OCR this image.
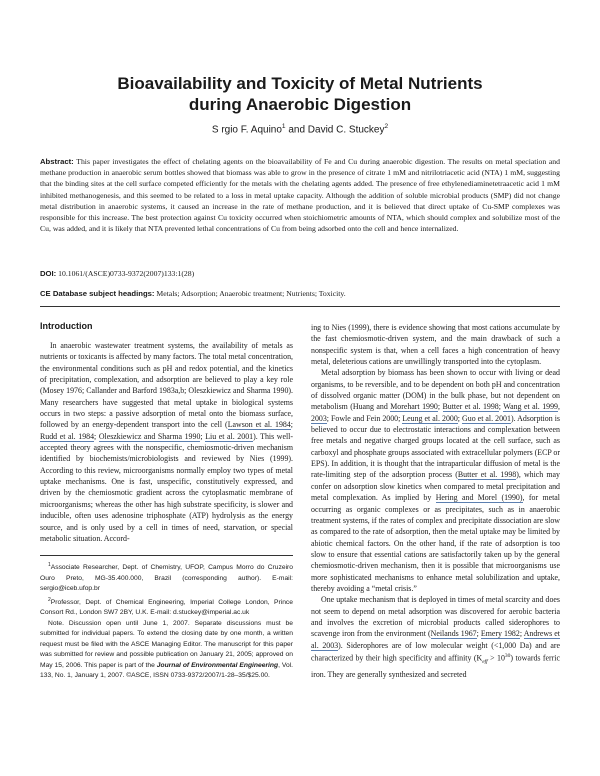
Bioavailability and Toxicity of Metal Nutrients
during Anaerobic Digestion
S rgio F. Aquino$^1$ and David C. Stuckey$^2$
Abstract: This paper investigates the effect of chelating agents on the bioavailability of Fe and Cu during anaerobic digestion. The results on metal speciation and methane production in anaerobic serum bottles showed that biomass was able to grow in the presence of citrate 1 mM and nitrilotriacetic acid (NTA) 1 mM, suggesting that the binding sites at the cell surface competed efficiently for the metals with the chelating agents added. The presence of free ethylenediaminetetraacetic acid 1 mM inhibited methanogenesis, and this seemed to be related to a loss in metal uptake capacity. Although the addition of soluble microbial products (SMP) did not change metal distribution in anaerobic systems, it caused an increase in the rate of methane production, and it is believed that direct uptake of Cu-SMP complexes was responsible for this increase. The best protection against Cu toxicity occurred when stoichiometric amounts of NTA, which should complex and solubilize most of the Cu, was added, and it is likely that NTA prevented lethal concentrations of Cu from being adsorbed onto the cell and hence internalized.
DOI: 10.1061/(ASCE)0733-9372(2007)133:1(28)
CE Database subject headings: Metals; Adsorption; Anaerobic treatment; Nutrients; Toxicity.
Introduction

In anaerobic wastewater treatment systems, the availability of metals as nutrients or toxicants is affected by many factors. The total metal concentration, the environmental conditions such as pH and redox potential, and the kinetics of precipitation, complexation, and adsorption are believed to play a key role (Mosey 1976; Callander and Barford 1983a,b; Oleszkiewicz and Sharma 1990). Many researchers have suggested that metal uptake in biological systems occurs in two steps: a passive adsorption of metal onto the biomass surface, followed by an energy-dependent transport into the cell (Lawson et al. 1984; Rudd et al. 1984; Oleszkiewicz and Sharma 1990; Liu et al. 2001). This well-accepted theory agrees with the nonspecific, chemiosmotic-driven mechanism identified by biochemists/microbiologists and reviewed by Nies (1999). According to this review, microorganisms normally employ two types of metal uptake mechanisms. One is fast, unspecific, constitutively expressed, and driven by the chemiosmotic gradient across the cytoplasmatic membrane of microorganisms; whereas the other has high substrate specificity, is slower and inducible, often uses adenosine triphosphate (ATP) hydrolysis as the energy source, and is only used by a cell in times of need, starvation, or special metabolic situation. Accord-

$^1$Associate Researcher, Dept. of Chemistry, UFOP, Campus Morro do Cruzeiro Ouro Preto, MG-35.400.000, Brazil (corresponding author). E-mail: sergio@iceb.ufop.br

$^2$Professor, Dept. of Chemical Engineering, Imperial College London, Prince Consort Rd., London SW7 2BY, U.K. E-mail: d.stuckey@imperial.ac.uk

Note. Discussion open until June 1, 2007. Separate discussions must be submitted for individual papers. To extend the closing date by one month, a written request must be filed with the ASCE Managing Editor. The manuscript for this paper was submitted for review and possible publication on January 21, 2005; approved on May 15, 2006. This paper is part of the Journal of Environmental Engineering, Vol. 133, No. 1, January 1, 2007. ©ASCE, ISSN 0733-9372/2007/1-28–35/$25.00.

ing to Nies (1999), there is evidence showing that most cations accumulate by the fast chemiosmotic-driven system, and the main drawback of such a nonspecific system is that, when a cell faces a high concentration of heavy metal, deleterious cations are unwillingly transported into the cytoplasm.

Metal adsorption by biomass has been shown to occur with living or dead organisms, to be reversible, and to be dependent on both pH and concentration of dissolved organic matter (DOM) in the bulk phase, but not dependent on metabolism (Huang and Morehart 1990; Butter et al. 1998; Wang et al. 1999, 2003; Fowle and Fein 2000; Leung et al. 2000; Guo et al. 2001). Adsorption is believed to occur due to electrostatic interactions and complexation between free metals and negative charged groups located at the cell surface, such as carboxyl and phosphate groups associated with extracellular polymers (ECP or EPS). In addition, it is thought that the intraparticular diffusion of metal is the rate-limiting step of the adsorption process (Butter et al. 1998), which may confer on adsorption slow kinetics when compared to metal precipitation and metal complexation. As implied by Hering and Morel (1990), for metal occurring as organic complexes or as precipitates, such as in anaerobic treatment systems, if the rates of complex and precipitate dissociation are slow as compared to the rate of adsorption, then the metal uptake may be limited by abiotic chemical factors. On the other hand, if the rate of adsorption is too slow to ensure that essential cations are satisfactorily taken up by the general chemiosmotic-driven mechanism, then it is possible that microorganisms use more sophisticated mechanisms to enhance metal solubilization and uptake, thereby avoiding a “metal crisis.”

One uptake mechanism that is deployed in times of metal scarcity and does not seem to depend on metal adsorption was discovered for aerobic bacteria and involves the excretion of microbial products called siderophores to scavenge iron from the environment (Neilands 1967; Emery 1982; Andrews et al. 2003). Siderophores are of low molecular weight (<1,000 Da) and are characterized by their high specificity and affinity $(K_{eff} > 10^{30})$ towards ferric iron. They are generally synthesized and secreted
